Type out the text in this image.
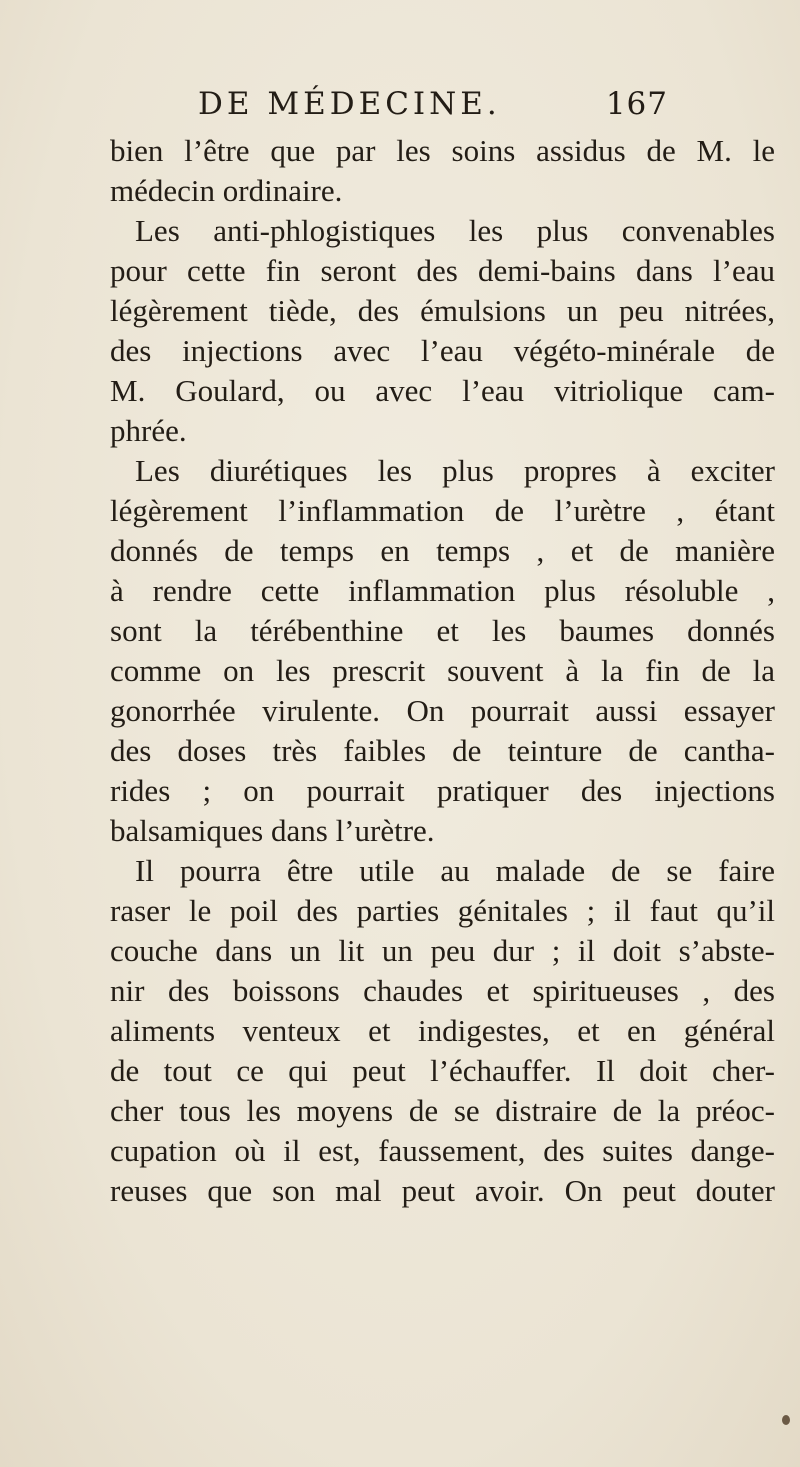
DE MÉDECINE.	167
bien l’être que par les soins assidus de M. le
médecin ordinaire.
Les anti-phlogistiques les plus convenables
pour cette fin seront des demi-bains dans l’eau
légèrement tiède, des émulsions un peu nitrées,
des injections avec l’eau végéto-minérale de
M. Goulard, ou avec l’eau vitriolique cam-
phrée.
Les diurétiques les plus propres à exciter
légèrement l’inflammation de l’urètre , étant
donnés de temps en temps , et de manière
à rendre cette inflammation plus résoluble ,
sont la térébenthine et les baumes donnés
comme on les prescrit souvent à la fin de la
gonorrhée virulente. On pourrait aussi essayer
des doses très faibles de teinture de cantha-
rides ; on pourrait pratiquer des injections
balsamiques dans l’urètre.
Il pourra être utile au malade de se faire
raser le poil des parties génitales ; il faut qu’il
couche dans un lit un peu dur ; il doit s’abste-
nir des boissons chaudes et spiritueuses , des
aliments venteux et indigestes, et en général
de tout ce qui peut l’échauffer. Il doit cher-
cher tous les moyens de se distraire de la préoc-
cupation où il est, faussement, des suites dange-
reuses que son mal peut avoir. On peut douter
